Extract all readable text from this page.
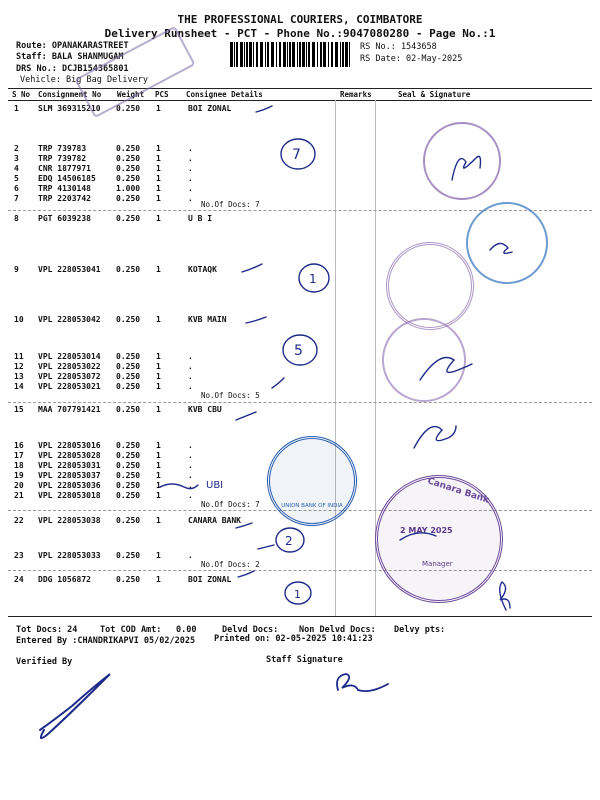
THE PROFESSIONAL COURIERS, COIMBATORE
Delivery Runsheet - PCT - Phone No.:9047080280 - Page No.:1
Route: OPANAKARASTREET
Staff: BALA SHANMUGAM
DRS No.: DCJB154365801
Vehicle: Big Bag Delivery
RS No.: 1543658
RS Date: 02-May-2025
S No Consignment No Weight PCS Consignee Details	Remarks	Seal & Signature
1 SLM 369315210 0.250 1	BOI ZONAL
2 TRP 739783	0.250 1	.
3 TRP 739782	0.250 1	.
4 CNR 1877971	0.250 1	.
5 EDQ 14506185	0.250 1	.
6 TRP 4130148	1.000 1	.
7 TRP 2203742	0.250 1	.
8 PGT 6039238	0.250 1	U B I
9 VPL 228053041 0.250 1	KOTAQK
10 VPL 228053042 0.250 1	KVB MAIN
11 VPL 228053014 0.250 1	.
12 VPL 228053022 0.250 1	.
13 VPL 228053072 0.250 1	.
14 VPL 228053021 0.250 1	.
15 MAA 707791421 0.250 1	KVB CBU
16 VPL 228053016 0.250 1	.
17 VPL 228053028 0.250 1	.
18 VPL 228053031 0.250 1	.
19 VPL 228053037 0.250 1	.
20 VPL 228053036 0.250 1	.
21 VPL 228053018 0.250 1	.
22 VPL 228053038 0.250 1	CANARA BANK
23 VPL 228053033 0.250 1	.
24 DDG 1056872	0.250 1	BOI ZONAL
No.Of Docs: 7
No.Of Docs: 5
No.Of Docs: 7
No.Of Docs: 2
Tot Docs: 24	Tot COD Amt: 0.00	Delvd Docs: Non Delvd Docs: Delvy pts:
Entered By :CHANDRIKAPVI 05/02/2025 Printed on: 02-05-2025 10:41:23
Verified By	Staff Signature
UNION BANK OF INDIA
Canara Bank
2 MAY 2025
Manager
7
1
5
2
1
UBI
